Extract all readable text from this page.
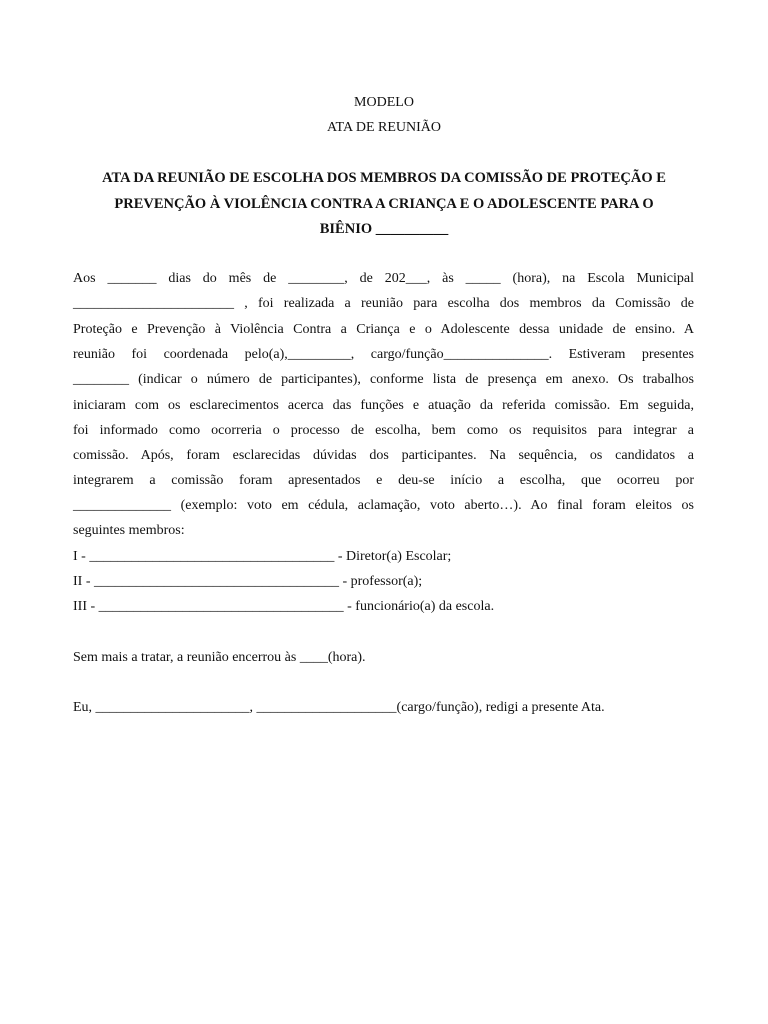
MODELO
ATA DE REUNIÃO
ATA DA REUNIÃO DE ESCOLHA DOS MEMBROS DA COMISSÃO DE PROTEÇÃO E
PREVENÇÃO À VIOLÊNCIA CONTRA A CRIANÇA E O ADOLESCENTE PARA O
BIÊNIO __________
Aos _______ dias do mês de ________, de 202___, às _____ (hora), na Escola Municipal
_______________________ , foi realizada a reunião para escolha dos membros da Comissão de
Proteção e Prevenção à Violência Contra a Criança e o Adolescente dessa unidade de ensino. A
reunião foi coordenada pelo(a),_________, cargo/função_______________. Estiveram presentes
________ (indicar o número de participantes), conforme lista de presença em anexo. Os trabalhos
iniciaram com os esclarecimentos acerca das funções e atuação da referida comissão. Em seguida,
foi informado como ocorreria o processo de escolha, bem como os requisitos para integrar a
comissão. Após, foram esclarecidas dúvidas dos participantes. Na sequência, os candidatos a
integrarem a comissão foram apresentados e deu-se início a escolha, que ocorreu por
______________ (exemplo: voto em cédula, aclamação, voto aberto…). Ao final foram eleitos os
seguintes membros:
I - ___________________________________ - Diretor(a) Escolar;
II - ___________________________________ - professor(a);
III - ___________________________________ - funcionário(a) da escola.
Sem mais a tratar, a reunião encerrou às ____(hora).
Eu, ______________________, ____________________(cargo/função), redigi a presente Ata.
